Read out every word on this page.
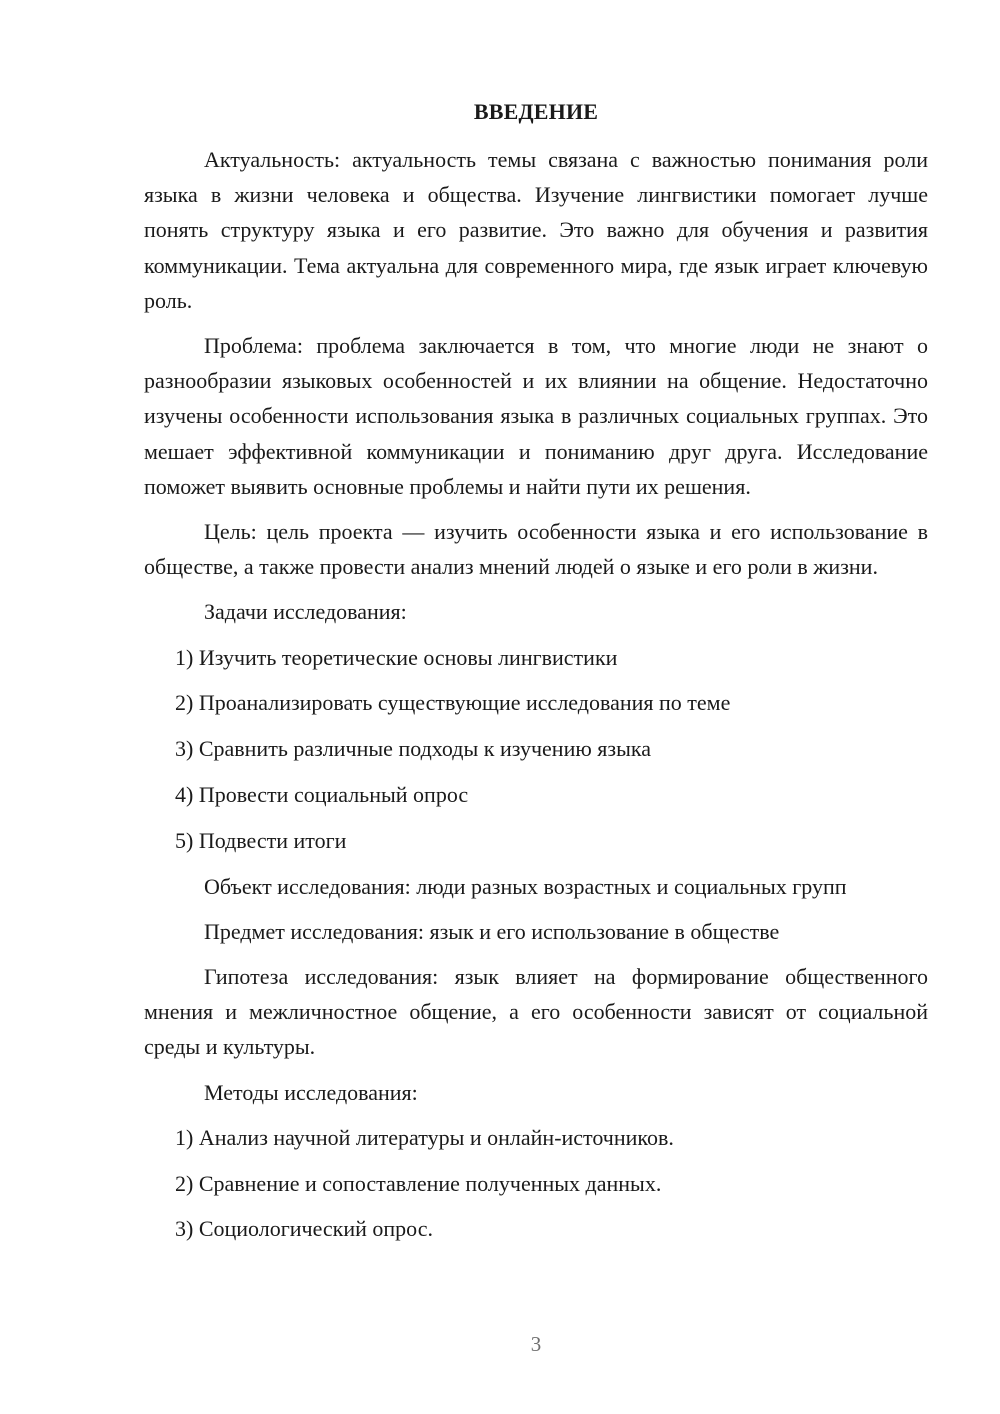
ВВЕДЕНИЕ
Актуальность: актуальность темы связана с важностью понимания роли языка в жизни человека и общества. Изучение лингвистики помогает лучше понять структуру языка и его развитие. Это важно для обучения и развития коммуникации. Тема актуальна для современного мира, где язык играет ключевую роль.
Проблема: проблема заключается в том, что многие люди не знают о разнообразии языковых особенностей и их влиянии на общение. Недостаточно изучены особенности использования языка в различных социальных группах. Это мешает эффективной коммуникации и пониманию друг друга. Исследование поможет выявить основные проблемы и найти пути их решения.
Цель: цель проекта — изучить особенности языка и его использование в обществе, а также провести анализ мнений людей о языке и его роли в жизни.
Задачи исследования:
1) Изучить теоретические основы лингвистики
2) Проанализировать существующие исследования по теме
3) Сравнить различные подходы к изучению языка
4) Провести социальный опрос
5) Подвести итоги
Объект исследования: люди разных возрастных и социальных групп
Предмет исследования: язык и его использование в обществе
Гипотеза исследования: язык влияет на формирование общественного мнения и межличностное общение, а его особенности зависят от социальной среды и культуры.
Методы исследования:
1) Анализ научной литературы и онлайн-источников.
2) Сравнение и сопоставление полученных данных.
3) Социологический опрос.
3
